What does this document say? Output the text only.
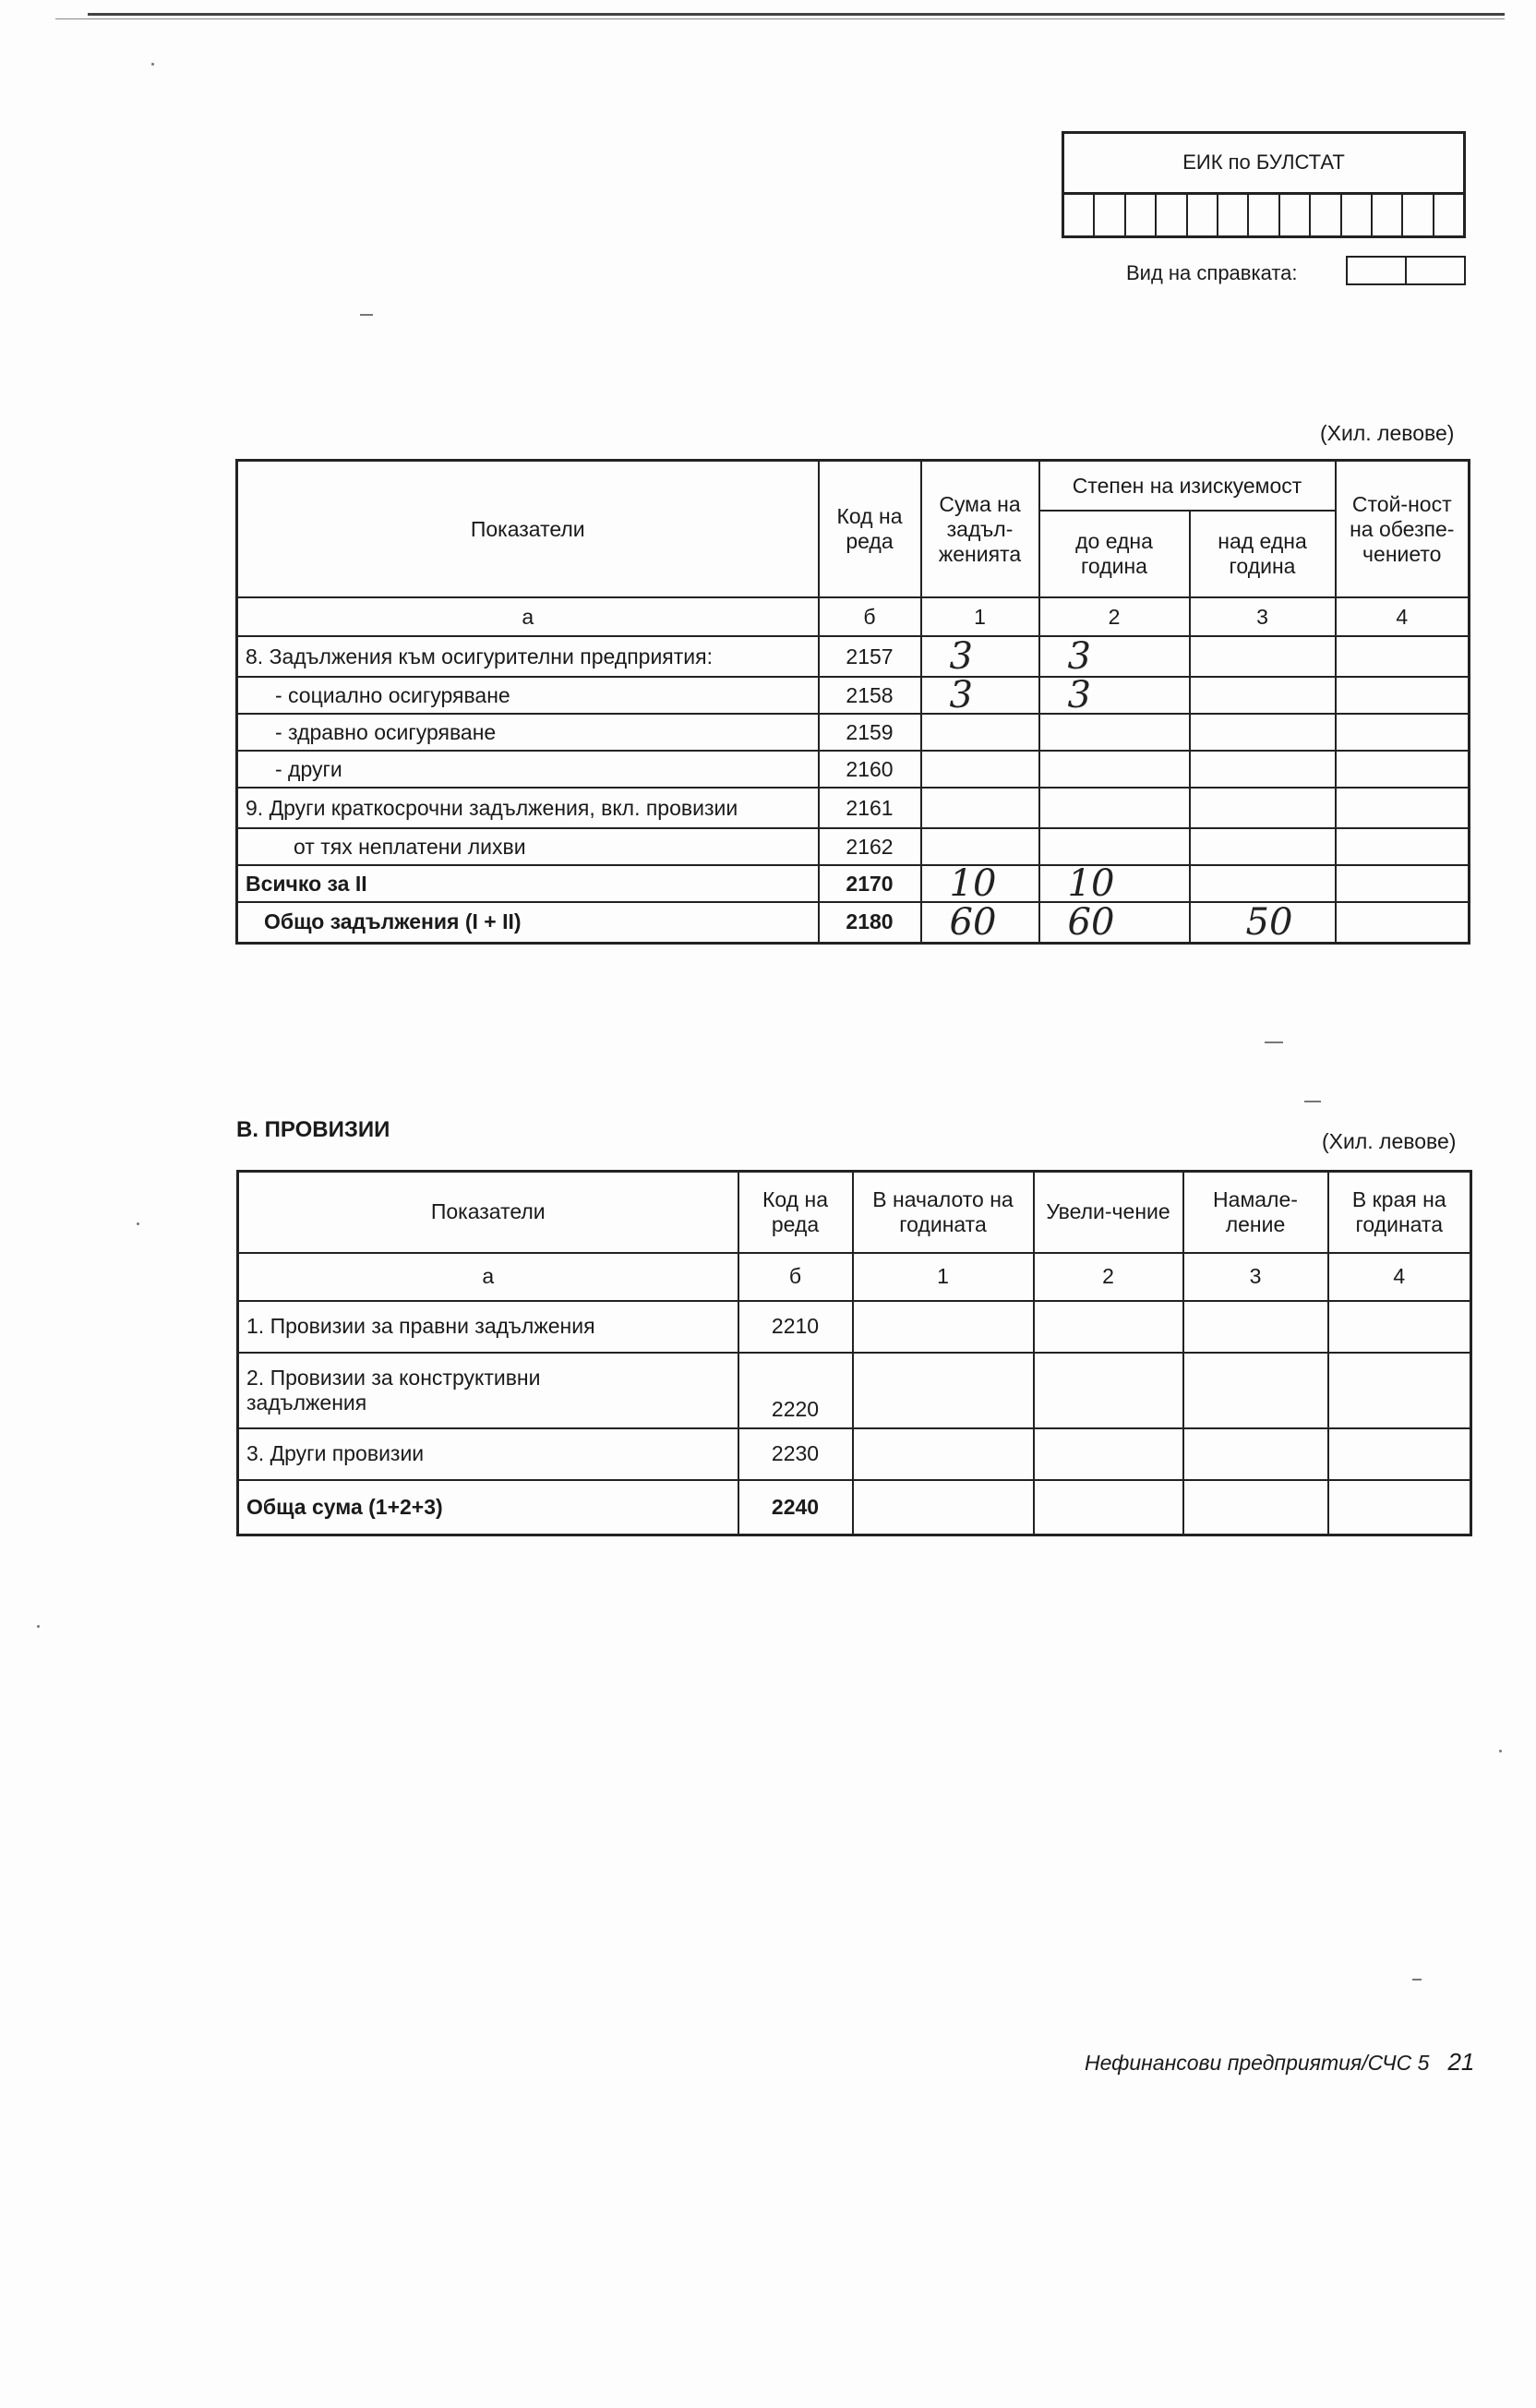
ЕИК по БУЛСТАТ
Вид на справката:
(Хил. левове)
Показатели	Код на реда	Сума на задъл-женията	Степен на изискуемост		Стой-ност на обезпе-чението
			до една година	над една година	
а	б	1	2	3	4
8. Задължения към осигурителни предприятия:	2157	3	3		
- социално осигуряване	2158	3	3		
- здравно осигуряване	2159				
- други	2160				
9. Други краткосрочни задължения, вкл. провизии	2161				
от тях неплатени лихви	2162				
Всичко за II	2170	10	10		
Общо задължения (I + II)	2180	60	60	50	
В. ПРОВИЗИИ	(Хил. левове)
Показатели	Код на реда	В началото на годината	Увели-чение	Намале-ление	В края на годината
а	б	1	2	3	4
1. Провизии за правни задължения	2210				
2. Провизии за конструктивни задължения	2220				
3. Други провизии	2230				
Обща сума (1+2+3)	2240				
Нефинансови предприятия/СЧС 5 21
